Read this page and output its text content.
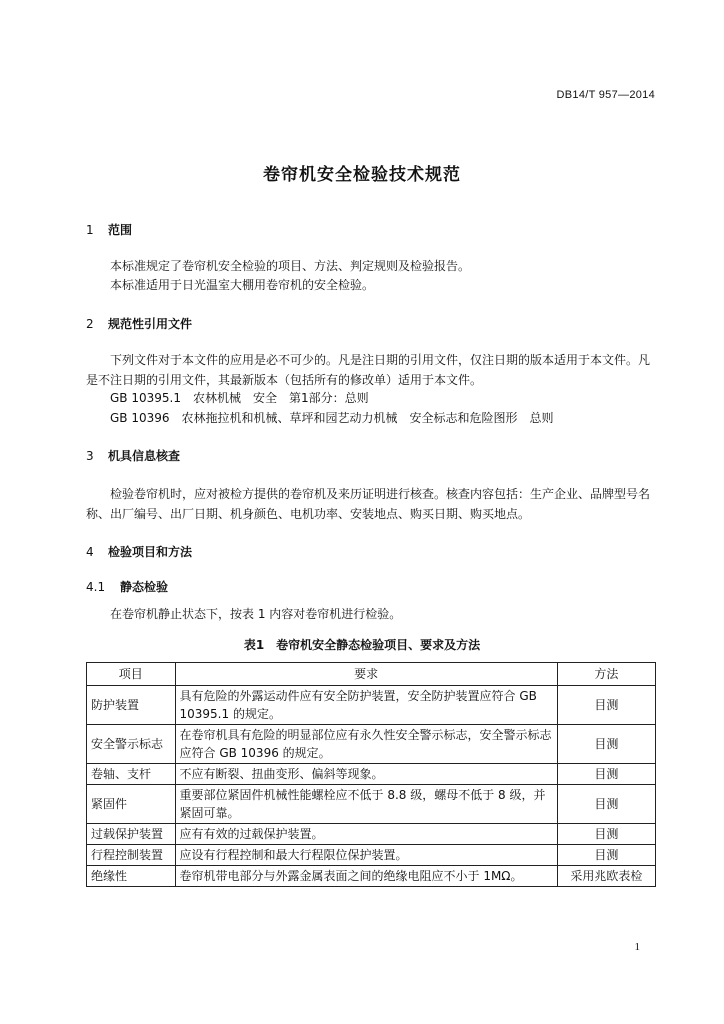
DB14/T 957—2014
卷帘机安全检验技术规范
1 范围
本标准规定了卷帘机安全检验的项目、方法、判定规则及检验报告。
本标准适用于日光温室大棚用卷帘机的安全检验。
2 规范性引用文件
下列文件对于本文件的应用是必不可少的。凡是注日期的引用文件，仅注日期的版本适用于本文件。凡是不注日期的引用文件，其最新版本（包括所有的修改单）适用于本文件。
GB 10395.1　农林机械　安全　第1部分：总则
GB 10396　农林拖拉机和机械、草坪和园艺动力机械　安全标志和危险图形　总则
3 机具信息核查
检验卷帘机时，应对被检方提供的卷帘机及来历证明进行核查。核查内容包括：生产企业、品牌型号名称、出厂编号、出厂日期、机身颜色、电机功率、安装地点、购买日期、购买地点。
4 检验项目和方法
4.1 静态检验
在卷帘机静止状态下，按表 1 内容对卷帘机进行检验。
表1　卷帘机安全静态检验项目、要求及方法
项目	要求	方法
防护装置	具有危险的外露运动件应有安全防护装置，安全防护装置应符合 GB 10395.1 的规定。	目测
安全警示标志	在卷帘机具有危险的明显部位应有永久性安全警示标志，安全警示标志应符合 GB 10396 的规定。	目测
卷轴、支杆	不应有断裂、扭曲变形、偏斜等现象。	目测
紧固件	重要部位紧固件机械性能螺栓应不低于 8.8 级，螺母不低于 8 级，并紧固可靠。	目测
过载保护装置	应有有效的过载保护装置。	目测
行程控制装置	应设有行程控制和最大行程限位保护装置。	目测
绝缘性	卷帘机带电部分与外露金属表面之间的绝缘电阻应不小于 1MΩ。	采用兆欧表检
1
